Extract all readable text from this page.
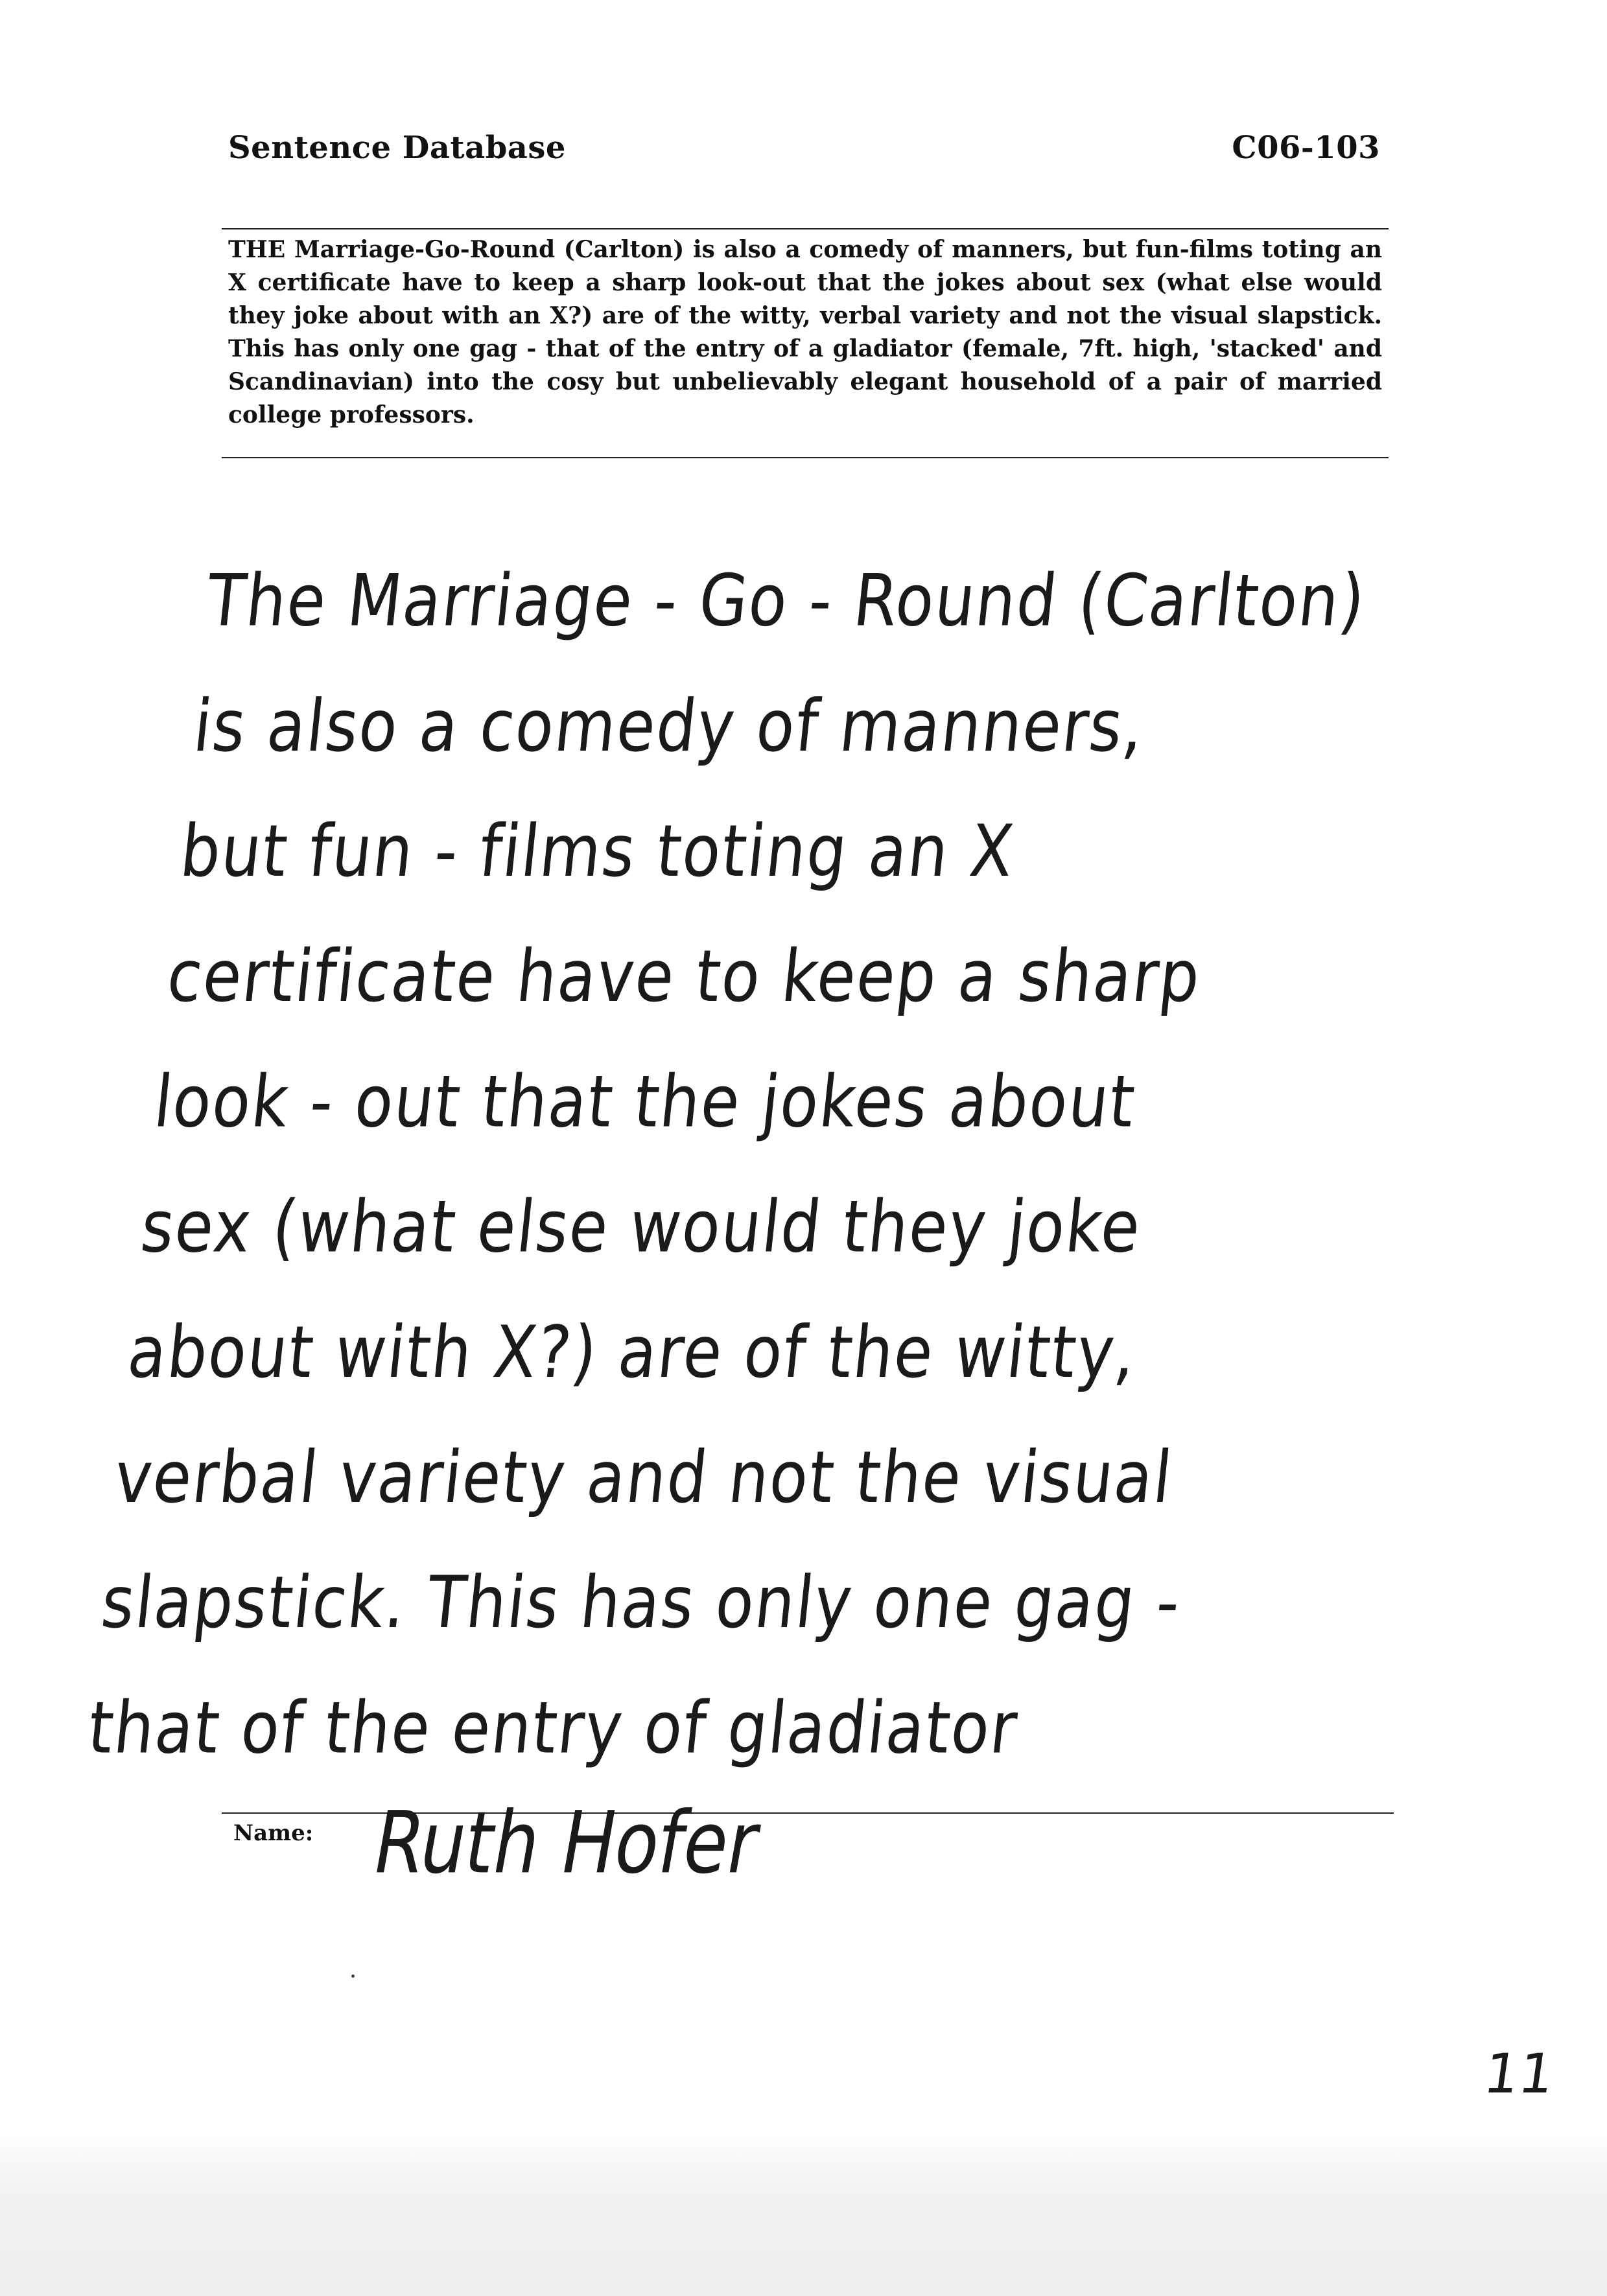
Sentence Database	C06-103
THE Marriage-Go-Round (Carlton) is also a comedy of manners, but fun-films toting an X certificate have to keep a sharp look-out that the jokes about sex (what else would they joke about with an X?) are of the witty, verbal variety and not the visual slapstick. This has only one gag - that of the entry of a gladiator (female, 7ft. high, 'stacked' and Scandinavian) into the cosy but unbelievably elegant household of a pair of married college professors.
The Marriage - Go - Round (Carlton)
is also a comedy of manners,
but fun - films toting an X
certificate have to keep a sharp
look - out that the jokes about
sex (what else would they joke
about with X?) are of the witty,
verbal variety and not the visual
slapstick. This has only one gag -
that of the entry of gladiator
Name: Ruth Hofer
11
